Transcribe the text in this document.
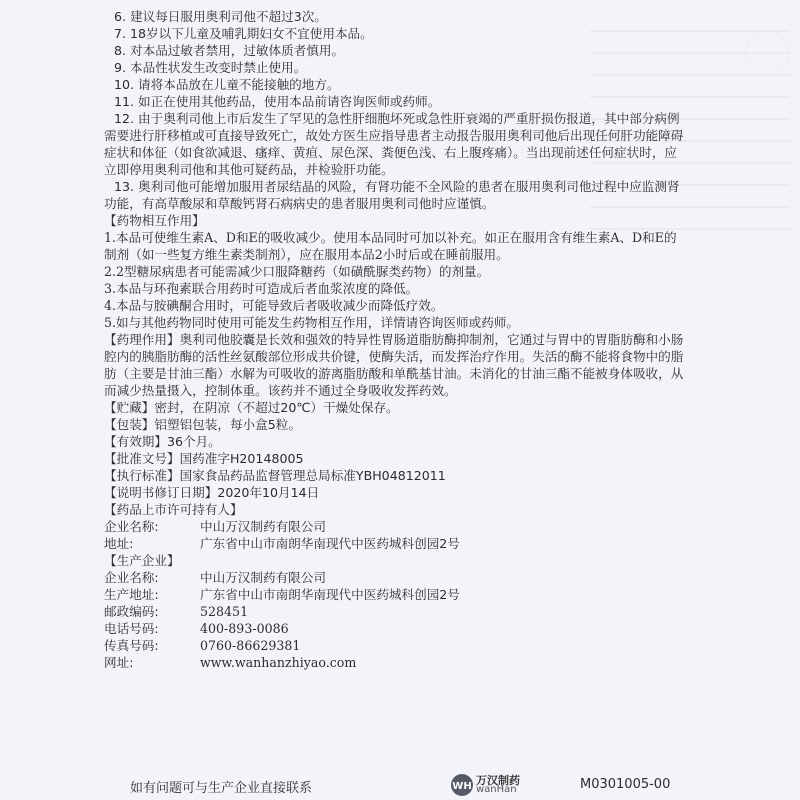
6. 建议每日服用奥利司他不超过3次。

7. 18岁以下儿童及哺乳期妇女不宜使用本品。

8. 对本品过敏者禁用，过敏体质者慎用。

9. 本品性状发生改变时禁止使用。

10. 请将本品放在儿童不能接触的地方。

11. 如正在使用其他药品，使用本品前请咨询医师或药师。

12. 由于奥利司他上市后发生了罕见的急性肝细胞坏死或急性肝衰竭的严重肝损伤报道，其中部分病例需要进行肝移植或可直接导致死亡，故处方医生应指导患者主动报告服用奥利司他后出现任何肝功能障碍症状和体征（如食欲减退、瘙痒、黄疸、尿色深、粪便色浅、右上腹疼痛）。当出现前述任何症状时，应立即停用奥利司他和其他可疑药品，并检验肝功能。

13. 奥利司他可能增加服用者尿结晶的风险，有肾功能不全风险的患者在服用奥利司他过程中应监测肾功能，有高草酸尿和草酸钙肾石病病史的患者服用奥利司他时应谨慎。

【药物相互作用】

1.本品可使维生素A、D和E的吸收减少。使用本品同时可加以补充。如正在服用含有维生素A、D和E的制剂（如一些复方维生素类制剂），应在服用本品2小时后或在睡前服用。

2.2型糖尿病患者可能需减少口服降糖药（如磺酰脲类药物）的剂量。

3.本品与环孢素联合用药时可造成后者血浆浓度的降低。

4.本品与胺碘酮合用时，可能导致后者吸收减少而降低疗效。

5.如与其他药物同时使用可能发生药物相互作用，详情请咨询医师或药师。

【药理作用】奥利司他胶囊是长效和强效的特异性胃肠道脂肪酶抑制剂，它通过与胃中的胃脂肪酶和小肠腔内的胰脂肪酶的活性丝氨酸部位形成共价键，使酶失活，而发挥治疗作用。失活的酶不能将食物中的脂肪（主要是甘油三酯）水解为可吸收的游离脂肪酸和单酰基甘油。未消化的甘油三酯不能被身体吸收，从而减少热量摄入，控制体重。该药并不通过全身吸收发挥药效。

【贮藏】密封，在阴凉（不超过20℃）干燥处保存。

【包装】铝塑铝包装，每小盒5粒。

【有效期】36个月。

【批准文号】国药准字H20148005

【执行标准】国家食品药品监督管理总局标准YBH04812011

【说明书修订日期】2020年10月14日

【药品上市许可持有人】

企业名称:	中山万汉制药有限公司

地址:	广东省中山市南朗华南现代中医药城科创园2号

【生产企业】

企业名称:	中山万汉制药有限公司

生产地址:	广东省中山市南朗华南现代中医药城科创园2号

邮政编码:	528451

电话号码:	400-893-0086

传真号码:	0760-86629381

网址:	www.wanhanzhiyao.com

如有问题可与生产企业直接联系	WH 万汉制药
wanHan	M0301005-00
